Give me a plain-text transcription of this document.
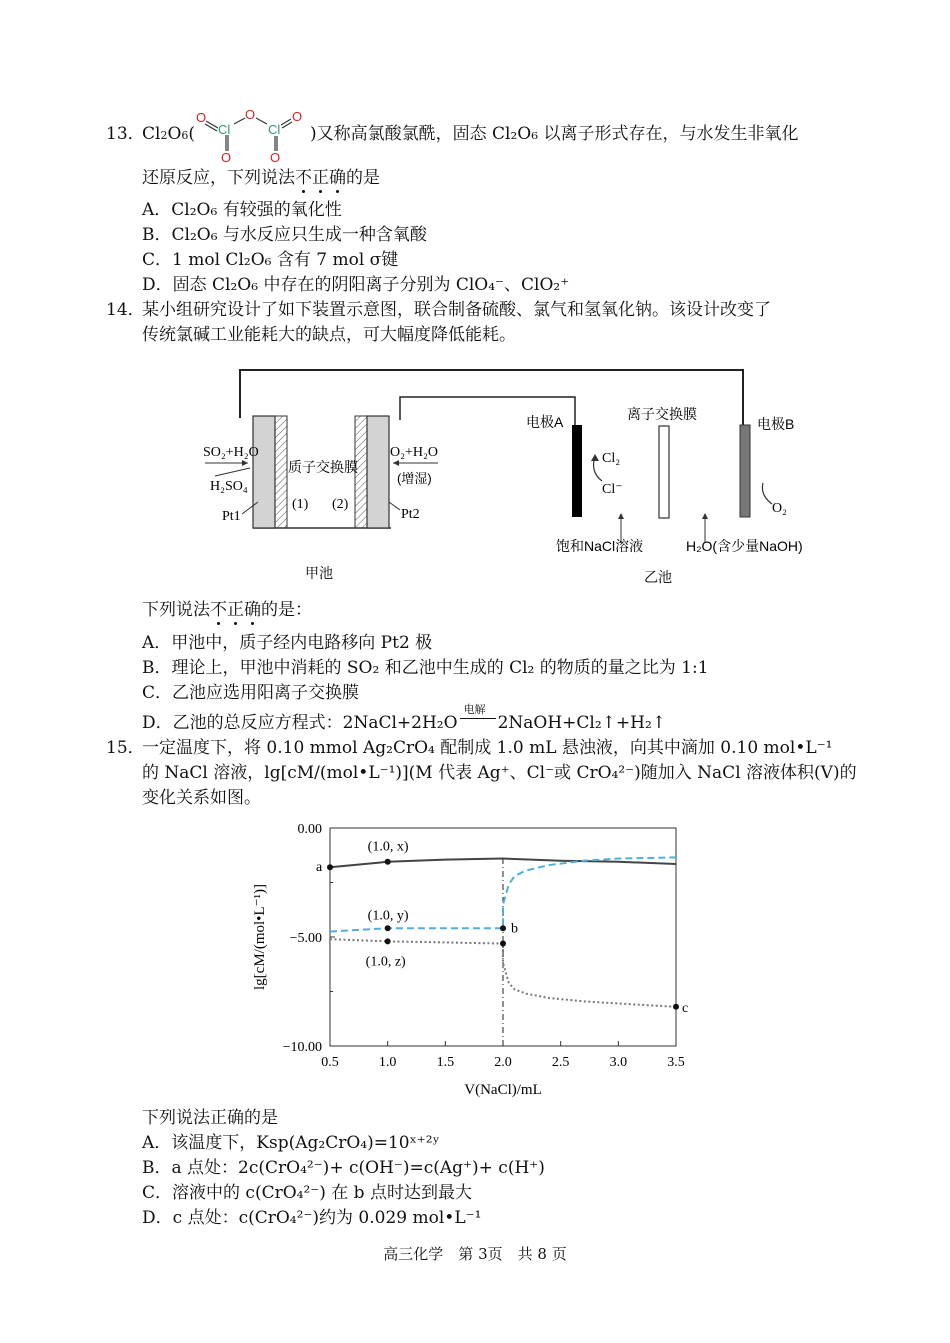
13．
Cl2O6(
O
Cl
O
Cl
O
O	O
)又称高氯酸氯酰，固态 Cl₂O₆ 以离子形式存在，与水发生非氧化
还原反应，下列说法不正确的是
A．Cl₂O₆ 有较强的氧化性
B．Cl₂O₆ 与水反应只生成一种含氧酸
C．1 mol Cl₂O₆ 含有 7 mol σ键
D．固态 Cl₂O₆ 中存在的阴阳离子分别为 ClO₄⁻、ClO₂⁺
14．
某小组研究设计了如下装置示意图，联合制备硫酸、氯气和氢氧化钠。该设计改变了
传统氯碱工业能耗大的缺点，可大幅度降低能耗。
SO₂+H₂O
H₂SO₄
Pt1
质子交换膜
(1) (2)
O₂+H₂O
(增湿)
Pt2
甲池
电极A	离子交换膜
电极B
Cl₂
Cl⁻
O₂
饱和NaCl溶液	H₂O(含少量NaOH)
乙池
下列说法不正确的是：
A．甲池中，质子经内电路移向 Pt2 极
B．理论上，甲池中消耗的 SO₂ 和乙池中生成的 Cl₂ 的物质的量之比为 1:1
C．乙池应选用阳离子交换膜
D．乙池的总反应方程式：2NaCl+2H₂O
电解
2NaOH+Cl₂↑+H₂↑
15．
一定温度下，将 0.10 mmol Ag₂CrO₄ 配制成 1.0 mL 悬浊液，向其中滴加 0.10 mol•L⁻¹
的 NaCl 溶液，lg[cM/(mol•L⁻¹)](M 代表 Ag⁺、Cl⁻或 CrO₄²⁻)随加入 NaCl 溶液体积(V)的
变化关系如图。
lg[cM/(mol•L⁻¹)]
V(NaCl)/mL
0.5	1.0	1.5	2.0	2.5	3.0	3.5
0.00
−5.00
−10.00
a
(1.0, x)
(1.0, y)
(1.0, z)
b
c
下列说法正确的是
A．该温度下，Ksp(Ag₂CrO₄)=10ˣ⁺²ʸ
B．a 点处：2c(CrO₄²⁻)+ c(OH⁻)=c(Ag⁺)+ c(H⁺)
C．溶液中的 c(CrO₄²⁻) 在 b 点时达到最大
D．c 点处：c(CrO₄²⁻)约为 0.029 mol•L⁻¹
高三化学　第 3页　共 8 页
